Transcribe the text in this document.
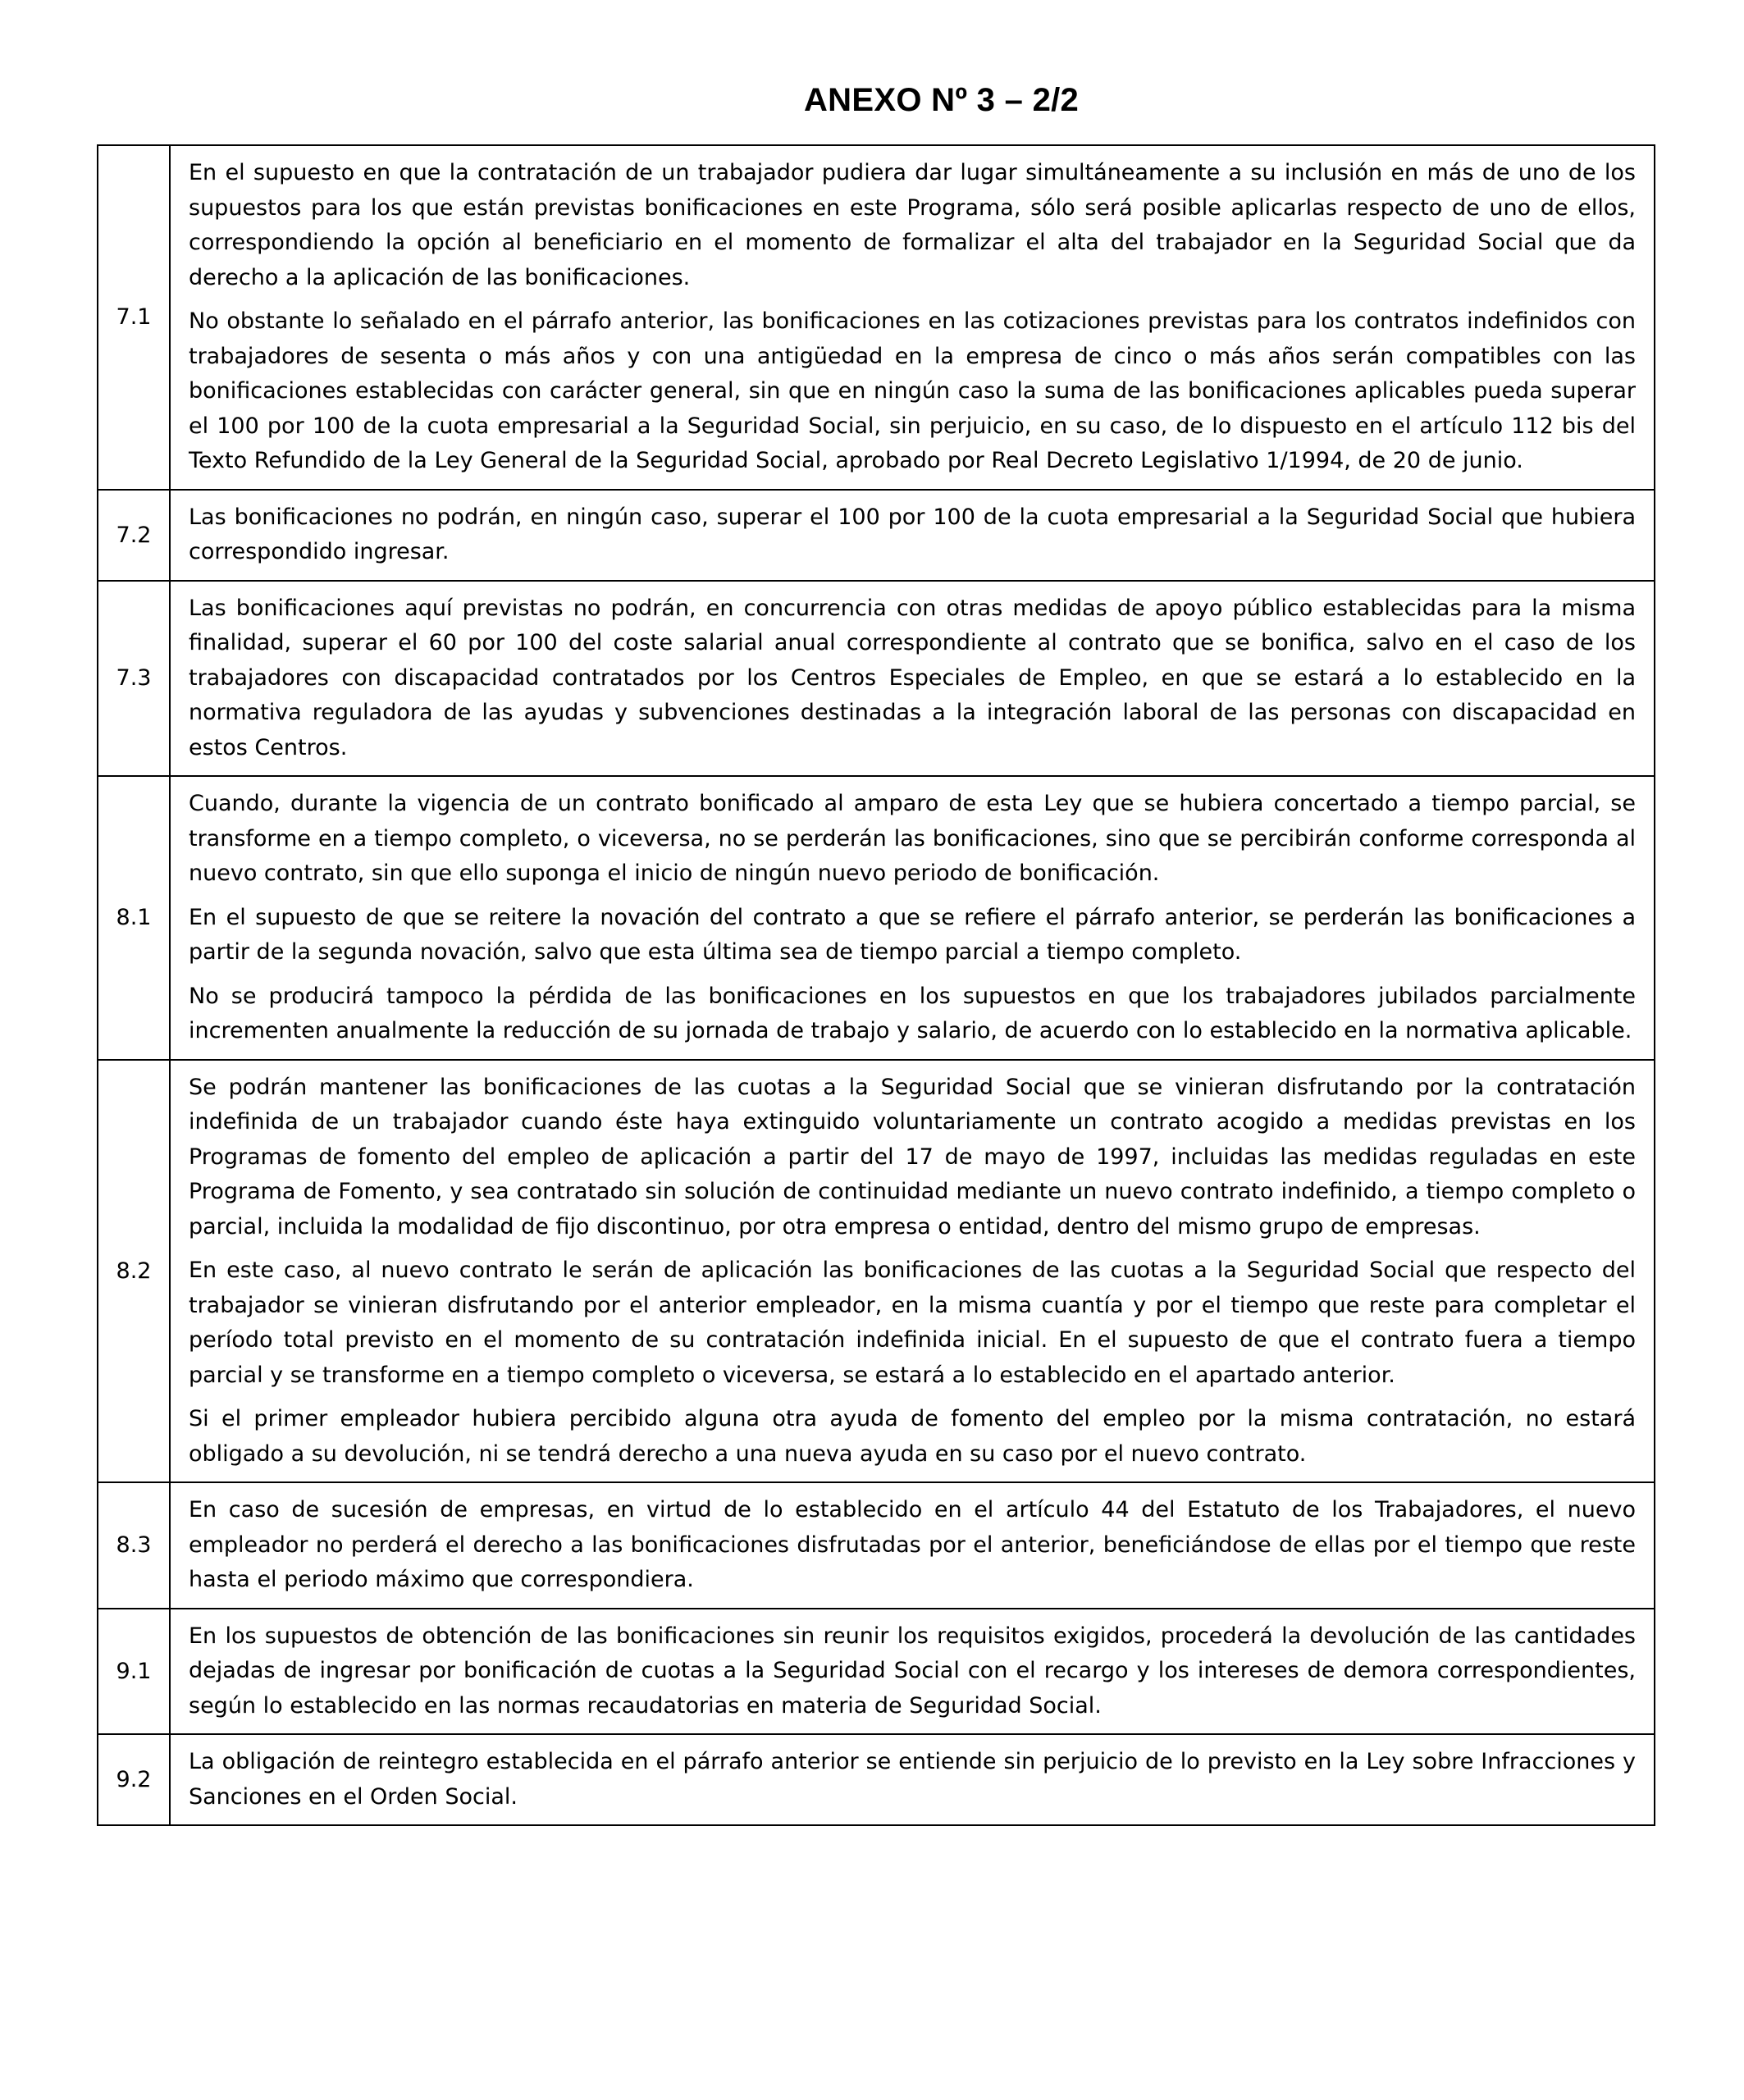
ANEXO Nº 3 – 2/2
7.1	En el supuesto en que la contratación de un trabajador pudiera dar lugar simultáneamente a su inclusión en más de uno de los supuestos para los que están previstas bonificaciones en este Programa, sólo será posible aplicarlas respecto de uno de ellos, correspondiendo la opción al beneficiario en el momento de formalizar el alta del trabajador en la Seguridad Social que da derecho a la aplicación de las bonificaciones.

No obstante lo señalado en el párrafo anterior, las bonificaciones en las cotizaciones previstas para los contratos indefinidos con trabajadores de sesenta o más años y con una antigüedad en la empresa de cinco o más años serán compatibles con las bonificaciones establecidas con carácter general, sin que en ningún caso la suma de las bonificaciones aplicables pueda superar el 100 por 100 de la cuota empresarial a la Seguridad Social, sin perjuicio, en su caso, de lo dispuesto en el artículo 112 bis del Texto Refundido de la Ley General de la Seguridad Social, aprobado por Real Decreto Legislativo 1/1994, de 20 de junio.

7.2	Las bonificaciones no podrán, en ningún caso, superar el 100 por 100 de la cuota empresarial a la Seguridad Social que hubiera correspondido ingresar.

7.3	Las bonificaciones aquí previstas no podrán, en concurrencia con otras medidas de apoyo público establecidas para la misma finalidad, superar el 60 por 100 del coste salarial anual correspondiente al contrato que se bonifica, salvo en el caso de los trabajadores con discapacidad contratados por los Centros Especiales de Empleo, en que se estará a lo establecido en la normativa reguladora de las ayudas y subvenciones destinadas a la integración laboral de las personas con discapacidad en estos Centros.

8.1	Cuando, durante la vigencia de un contrato bonificado al amparo de esta Ley que se hubiera concertado a tiempo parcial, se transforme en a tiempo completo, o viceversa, no se perderán las bonificaciones, sino que se percibirán conforme corresponda al nuevo contrato, sin que ello suponga el inicio de ningún nuevo periodo de bonificación.

En el supuesto de que se reitere la novación del contrato a que se refiere el párrafo anterior, se perderán las bonificaciones a partir de la segunda novación, salvo que esta última sea de tiempo parcial a tiempo completo.

No se producirá tampoco la pérdida de las bonificaciones en los supuestos en que los trabajadores jubilados parcialmente incrementen anualmente la reducción de su jornada de trabajo y salario, de acuerdo con lo establecido en la normativa aplicable.

8.2	Se podrán mantener las bonificaciones de las cuotas a la Seguridad Social que se vinieran disfrutando por la contratación indefinida de un trabajador cuando éste haya extinguido voluntariamente un contrato acogido a medidas previstas en los Programas de fomento del empleo de aplicación a partir del 17 de mayo de 1997, incluidas las medidas reguladas en este Programa de Fomento, y sea contratado sin solución de continuidad mediante un nuevo contrato indefinido, a tiempo completo o parcial, incluida la modalidad de fijo discontinuo, por otra empresa o entidad, dentro del mismo grupo de empresas.

En este caso, al nuevo contrato le serán de aplicación las bonificaciones de las cuotas a la Seguridad Social que respecto del trabajador se vinieran disfrutando por el anterior empleador, en la misma cuantía y por el tiempo que reste para completar el período total previsto en el momento de su contratación indefinida inicial. En el supuesto de que el contrato fuera a tiempo parcial y se transforme en a tiempo completo o viceversa, se estará a lo establecido en el apartado anterior.

Si el primer empleador hubiera percibido alguna otra ayuda de fomento del empleo por la misma contratación, no estará obligado a su devolución, ni se tendrá derecho a una nueva ayuda en su caso por el nuevo contrato.

8.3	En caso de sucesión de empresas, en virtud de lo establecido en el artículo 44 del Estatuto de los Trabajadores, el nuevo empleador no perderá el derecho a las bonificaciones disfrutadas por el anterior, beneficiándose de ellas por el tiempo que reste hasta el periodo máximo que correspondiera.

9.1	En los supuestos de obtención de las bonificaciones sin reunir los requisitos exigidos, procederá la devolución de las cantidades dejadas de ingresar por bonificación de cuotas a la Seguridad Social con el recargo y los intereses de demora correspondientes, según lo establecido en las normas recaudatorias en materia de Seguridad Social.

9.2	La obligación de reintegro establecida en el párrafo anterior se entiende sin perjuicio de lo previsto en la Ley sobre Infracciones y Sanciones en el Orden Social.
